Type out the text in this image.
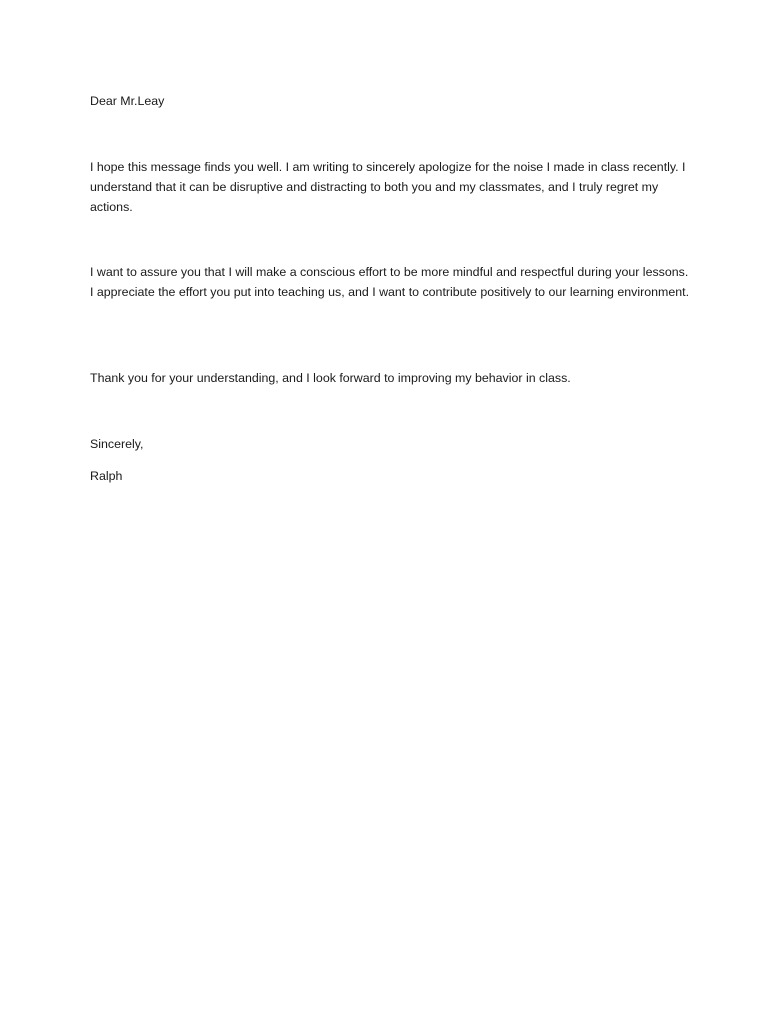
Dear Mr.Leay

I hope this message finds you well. I am writing to sincerely apologize for the noise I made in class recently. I understand that it can be disruptive and distracting to both you and my classmates, and I truly regret my actions.

I want to assure you that I will make a conscious effort to be more mindful and respectful during your lessons. I appreciate the effort you put into teaching us, and I want to contribute positively to our learning environment.

Thank you for your understanding, and I look forward to improving my behavior in class.

Sincerely,

Ralph
